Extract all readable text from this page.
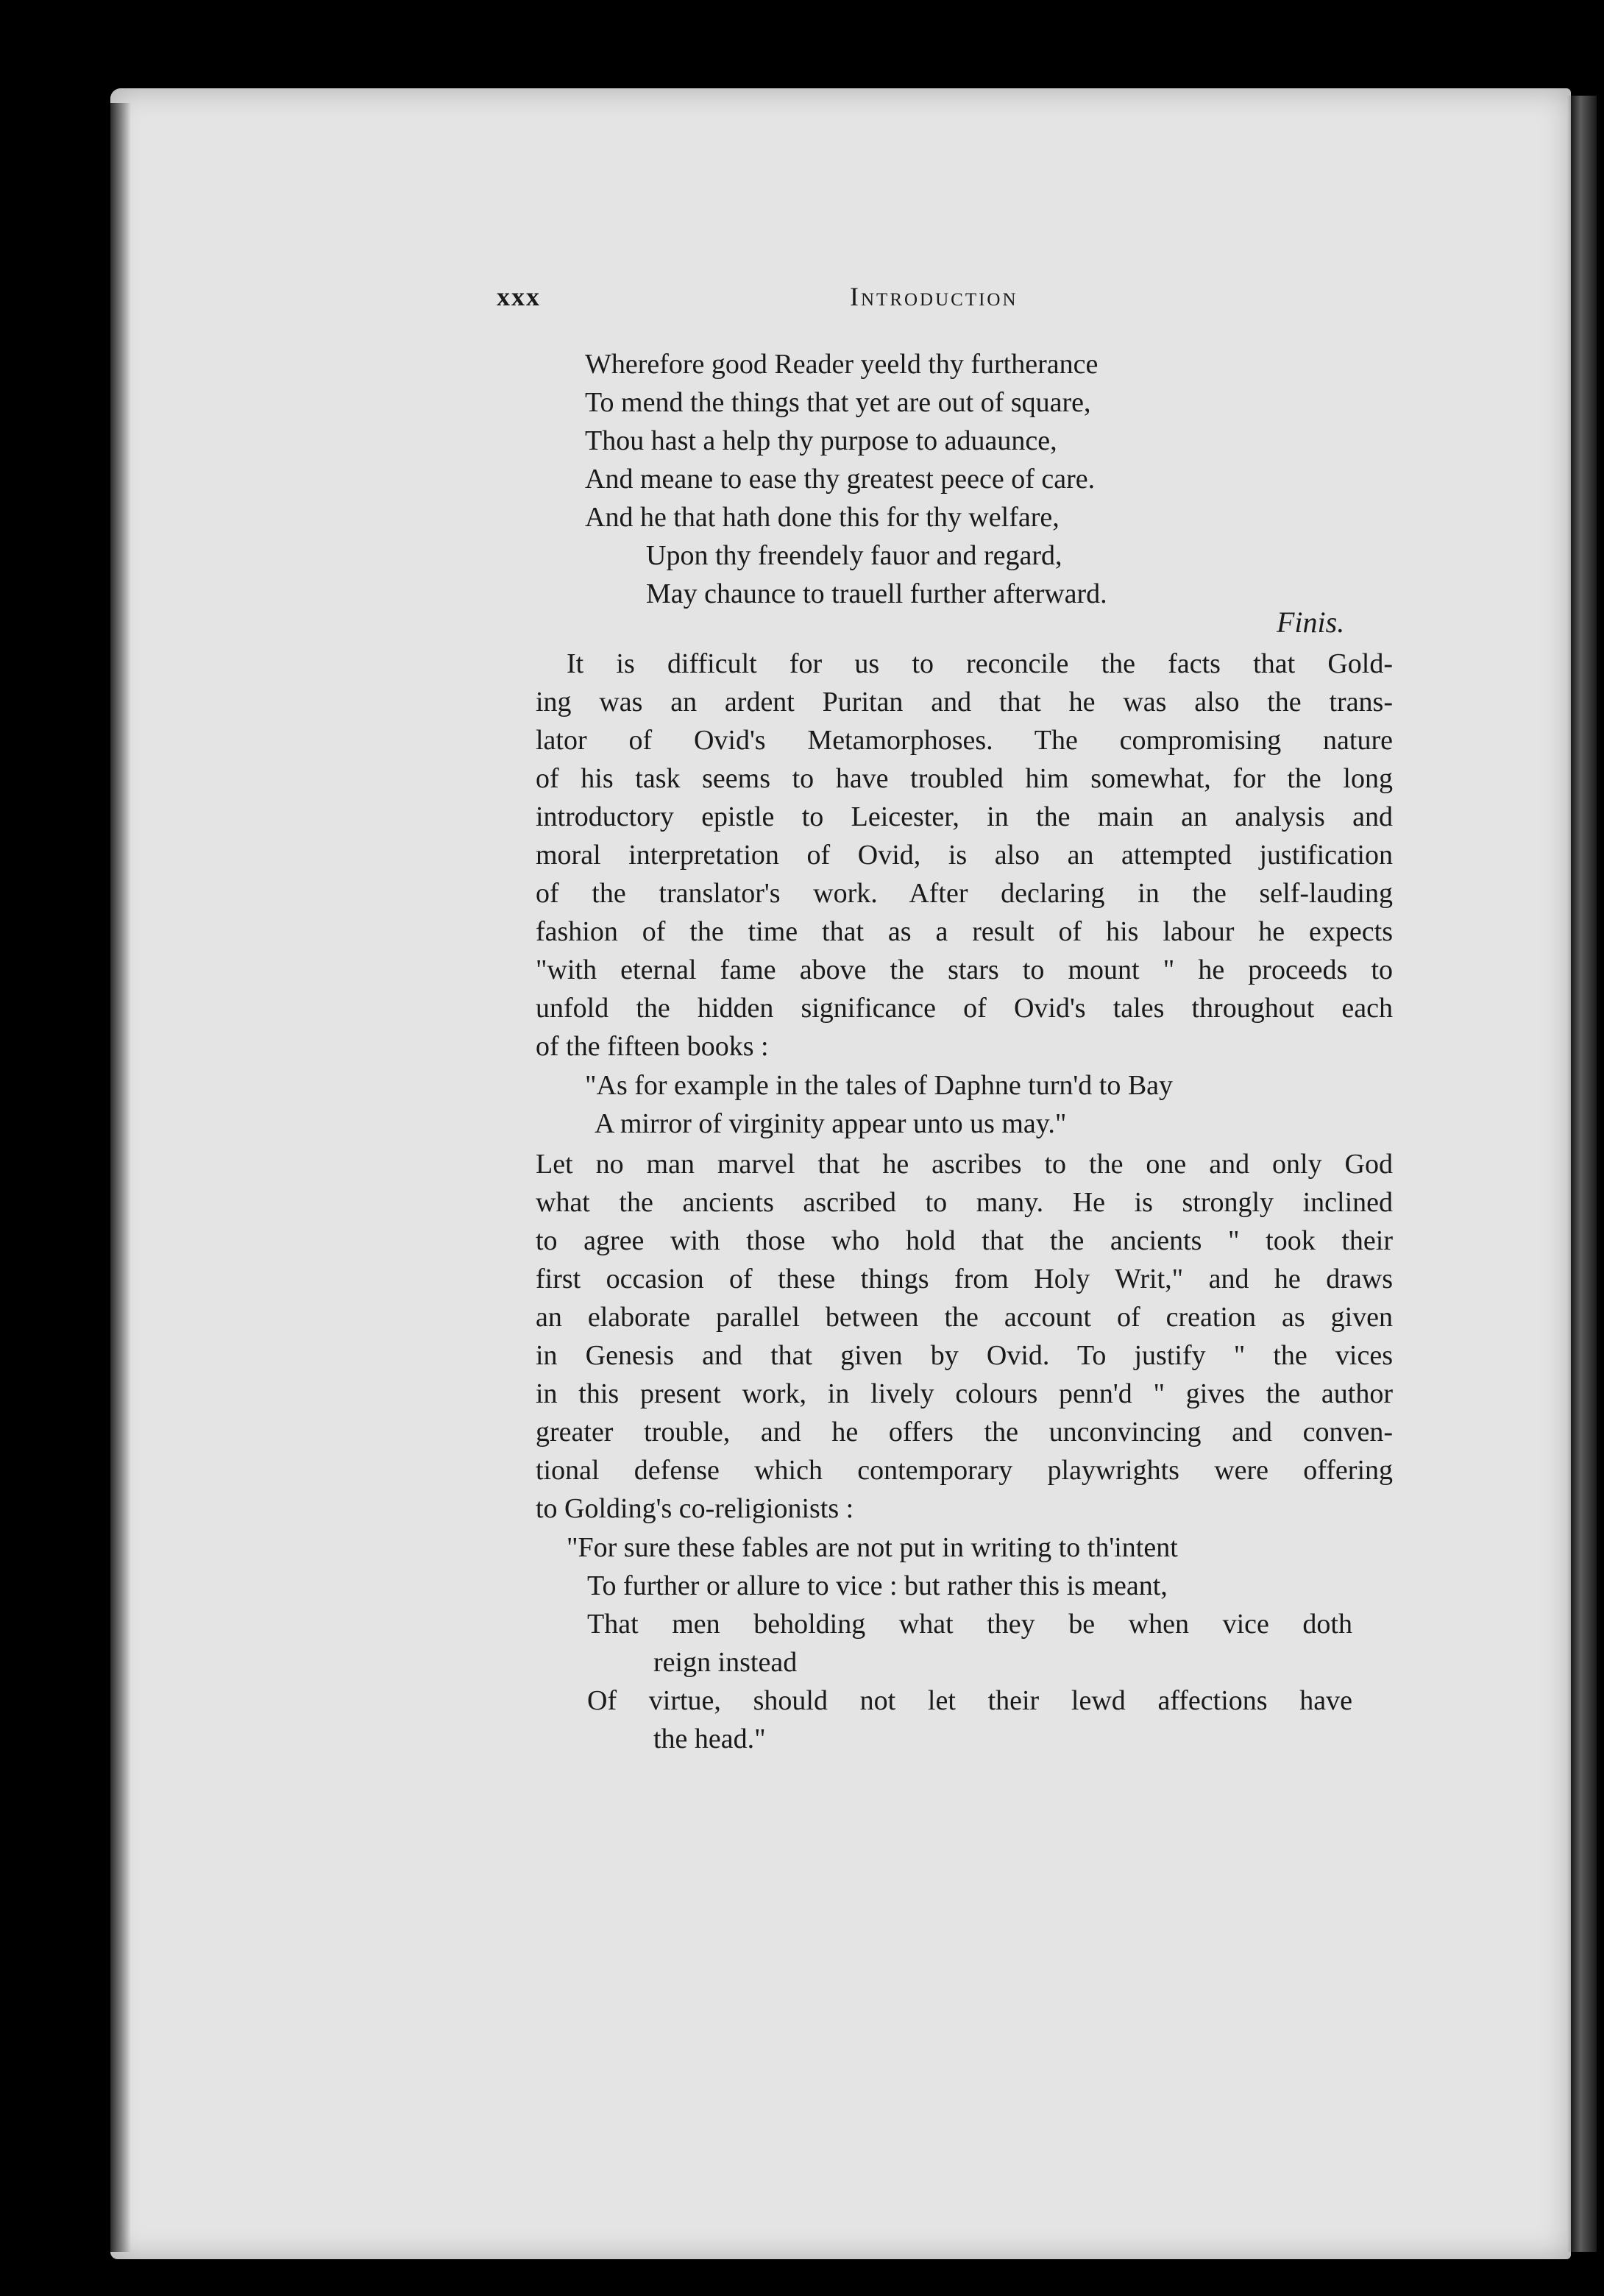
xxx	Introduction
Wherefore good Reader yeeld thy furtherance
To mend the things that yet are out of square,
Thou hast a help thy purpose to aduaunce,
And meane to ease thy greatest peece of care.
And he that hath done this for thy welfare,
Upon thy freendely fauor and regard,
May chaunce to trauell further afterward.
Finis.
It is difficult for us to reconcile the facts that Gold-
ing was an ardent Puritan and that he was also the trans-
lator of Ovid's Metamorphoses. The compromising nature
of his task seems to have troubled him somewhat, for the long
introductory epistle to Leicester, in the main an analysis and
moral interpretation of Ovid, is also an attempted justification
of the translator's work. After declaring in the self-lauding
fashion of the time that as a result of his labour he expects
"with eternal fame above the stars to mount " he proceeds to
unfold the hidden significance of Ovid's tales throughout each
of the fifteen books :
"As for example in the tales of Daphne turn'd to Bay
A mirror of virginity appear unto us may."
Let no man marvel that he ascribes to the one and only God
what the ancients ascribed to many. He is strongly inclined
to agree with those who hold that the ancients " took their
first occasion of these things from Holy Writ," and he draws
an elaborate parallel between the account of creation as given
in Genesis and that given by Ovid. To justify " the vices
in this present work, in lively colours penn'd " gives the author
greater trouble, and he offers the unconvincing and conven-
tional defense which contemporary playwrights were offering
to Golding's co-religionists :
"For sure these fables are not put in writing to th'intent
To further or allure to vice : but rather this is meant,
That men beholding what they be when vice doth
reign instead
Of virtue, should not let their lewd affections have
the head."
